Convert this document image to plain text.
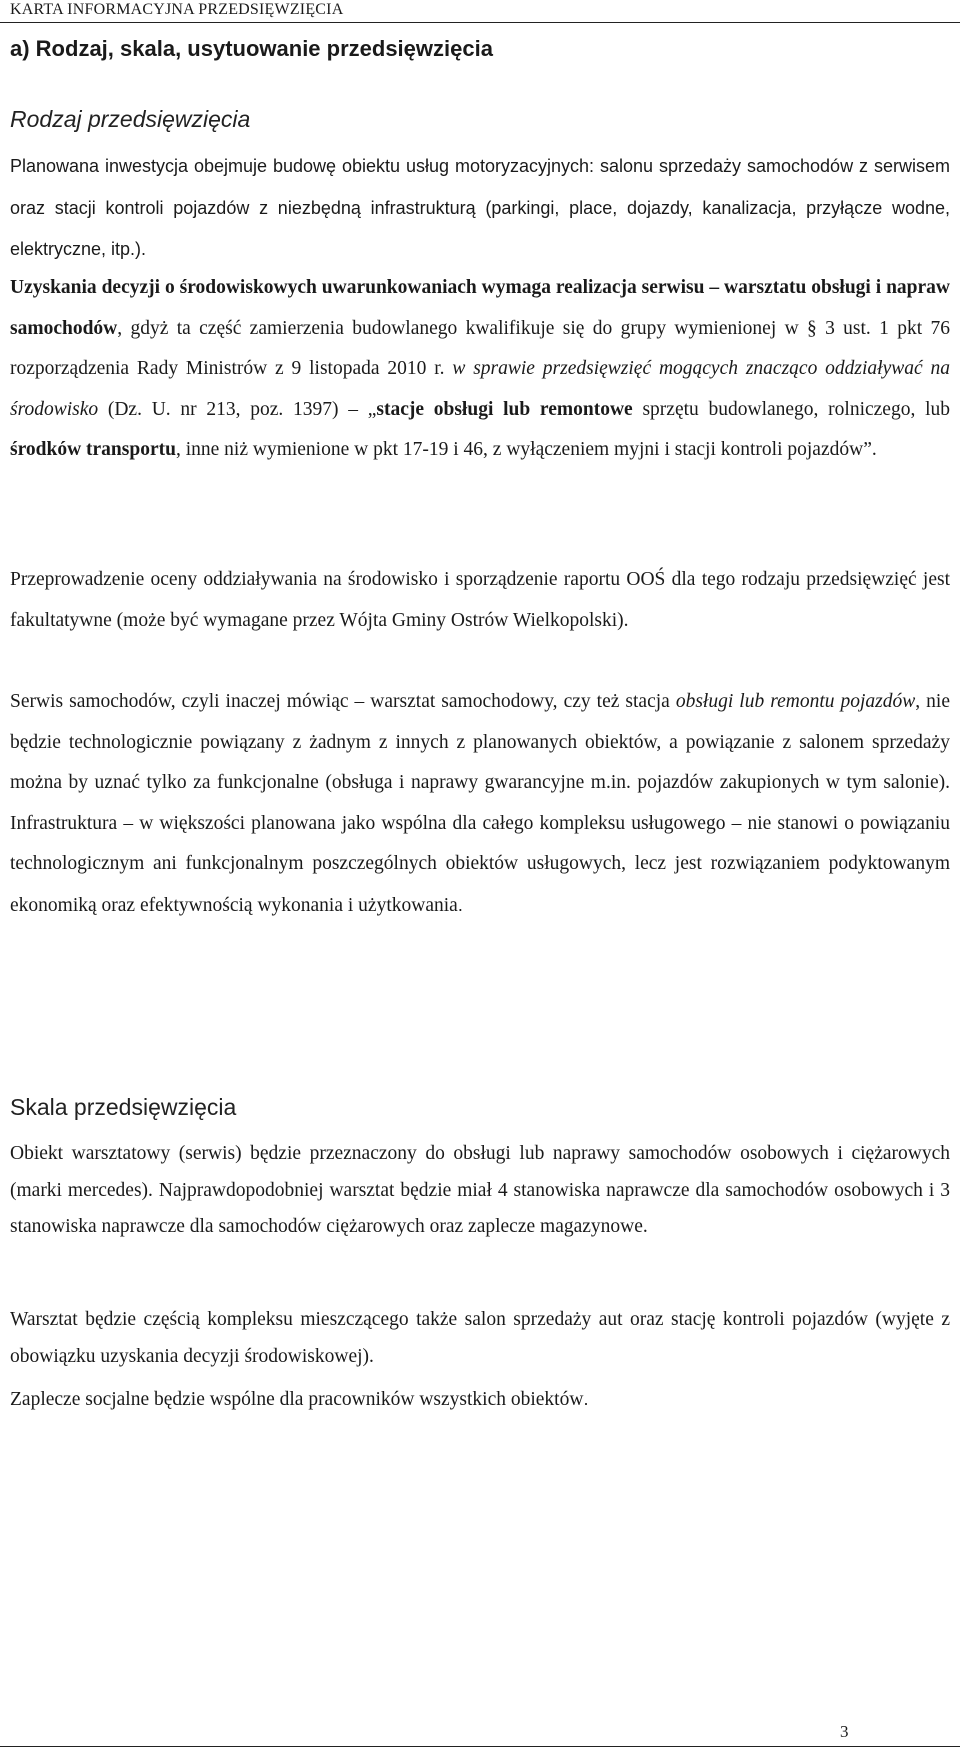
KARTA INFORMACYJNA PRZEDSIĘWZIĘCIA
a) Rodzaj, skala, usytuowanie przedsięwzięcia
Rodzaj przedsięwzięcia

Planowana inwestycja obejmuje budowę obiektu usług motoryzacyjnych: salonu sprzedaży samochodów z serwisem oraz stacji kontroli pojazdów z niezbędną infrastrukturą (parkingi, place, dojazdy, kanalizacja, przyłącze wodne, elektryczne, itp.).

Uzyskania decyzji o środowiskowych uwarunkowaniach wymaga realizacja serwisu – warsztatu obsługi i napraw samochodów, gdyż ta część zamierzenia budowlanego kwalifikuje się do grupy wymienionej w § 3 ust. 1 pkt 76 rozporządzenia Rady Ministrów z 9 listopada 2010 r. w sprawie przedsięwzięć mogących znacząco oddziaływać na środowisko (Dz. U. nr 213, poz. 1397) – „stacje obsługi lub remontowe sprzętu budowlanego, rolniczego, lub środków transportu, inne niż wymienione w pkt 17-19 i 46, z wyłączeniem myjni i stacji kontroli pojazdów”.

Przeprowadzenie oceny oddziaływania na środowisko i sporządzenie raportu OOŚ dla tego rodzaju przedsięwzięć jest fakultatywne (może być wymagane przez Wójta Gminy Ostrów Wielkopolski).

Serwis samochodów, czyli inaczej mówiąc – warsztat samochodowy, czy też stacja obsługi lub remontu pojazdów, nie będzie technologicznie powiązany z żadnym z innych z planowanych obiektów, a powiązanie z salonem sprzedaży można by uznać tylko za funkcjonalne (obsługa i naprawy gwarancyjne m.in. pojazdów zakupionych w tym salonie). Infrastruktura – w większości planowana jako wspólna dla całego kompleksu usługowego – nie stanowi o powiązaniu technologicznym ani funkcjonalnym poszczególnych obiektów usługowych, lecz jest rozwiązaniem podyktowanym ekonomiką oraz efektywnością wykonania i użytkowania.

Skala przedsięwzięcia

Obiekt warsztatowy (serwis) będzie przeznaczony do obsługi lub naprawy samochodów osobowych i ciężarowych (marki mercedes). Najprawdopodobniej warsztat będzie miał 4 stanowiska naprawcze dla samochodów osobowych i 3 stanowiska naprawcze dla samochodów ciężarowych oraz zaplecze magazynowe.

Warsztat będzie częścią kompleksu mieszczącego także salon sprzedaży aut oraz stację kontroli pojazdów (wyjęte z obowiązku uzyskania decyzji środowiskowej).

Zaplecze socjalne będzie wspólne dla pracowników wszystkich obiektów.

3
